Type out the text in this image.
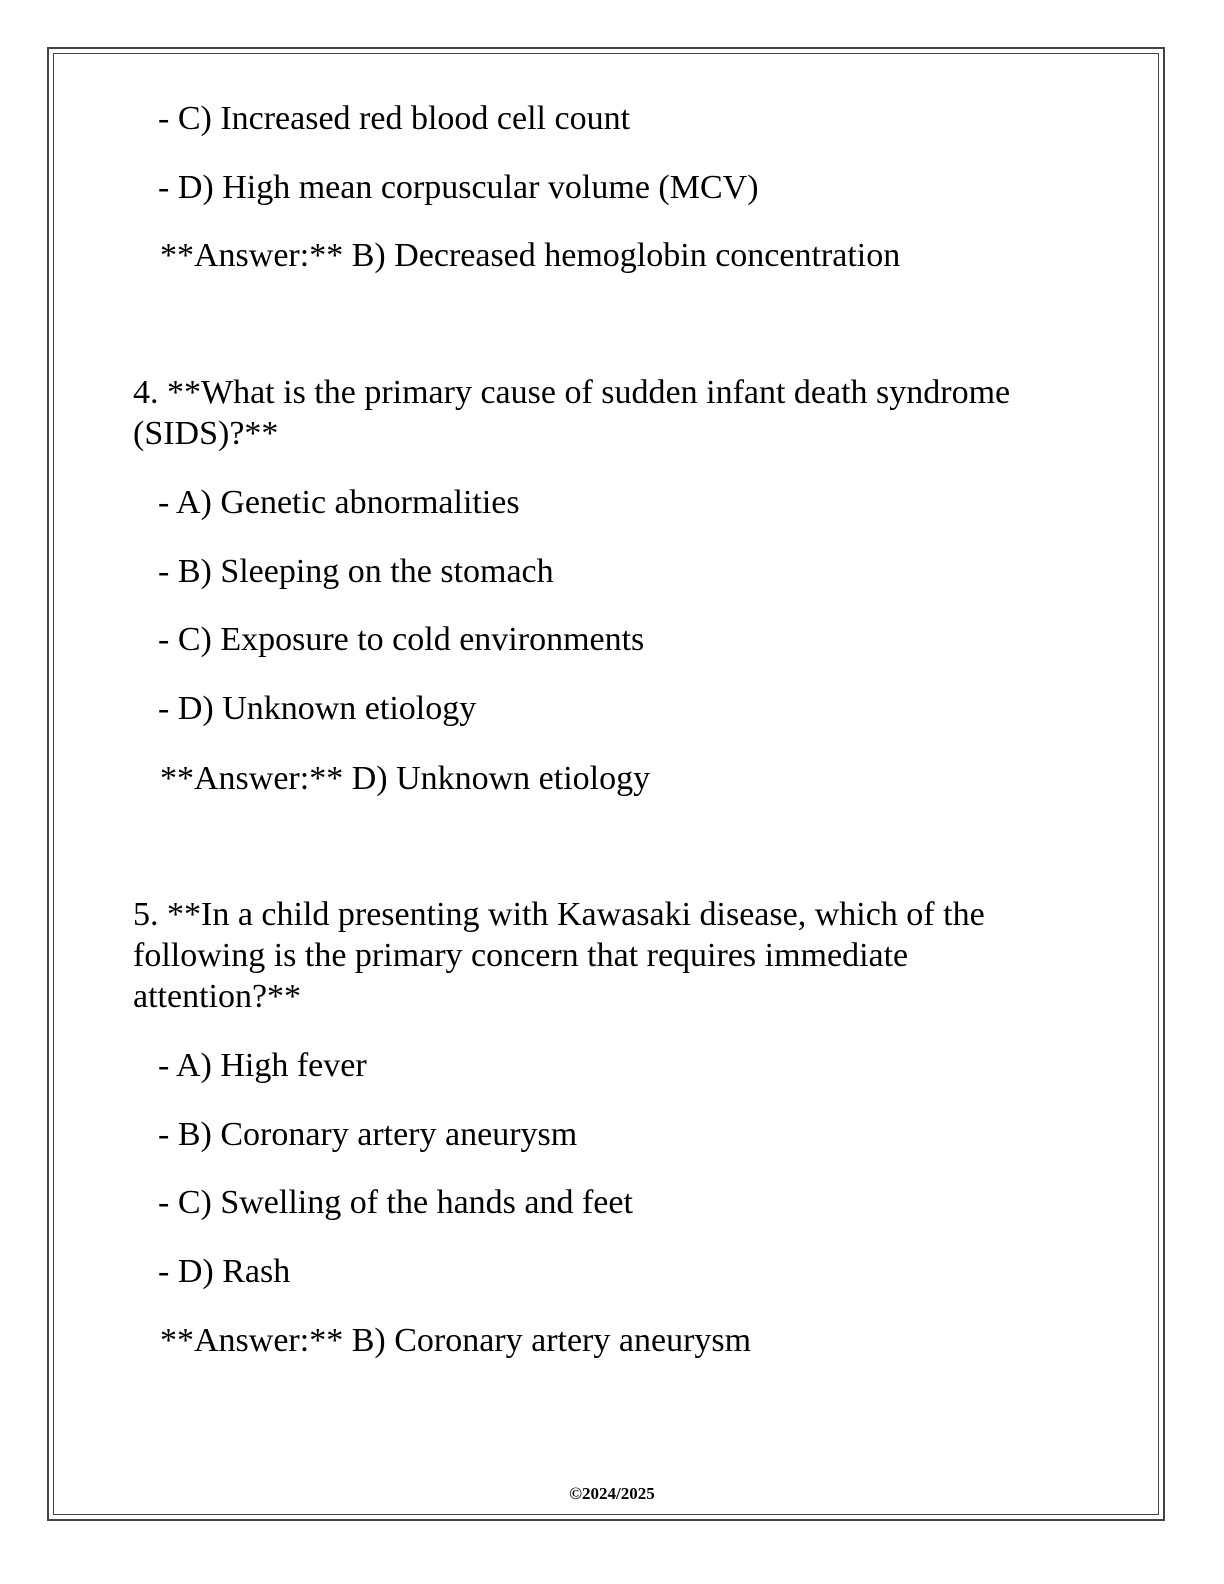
- C) Increased red blood cell count
- D) High mean corpuscular volume (MCV)
**Answer:** B) Decreased hemoglobin concentration
4. **What is the primary cause of sudden infant death syndrome
(SIDS)?**
- A) Genetic abnormalities
- B) Sleeping on the stomach
- C) Exposure to cold environments
- D) Unknown etiology
**Answer:** D) Unknown etiology
5. **In a child presenting with Kawasaki disease, which of the
following is the primary concern that requires immediate
attention?**
- A) High fever
- B) Coronary artery aneurysm
- C) Swelling of the hands and feet
- D) Rash
**Answer:** B) Coronary artery aneurysm
©2024/2025
